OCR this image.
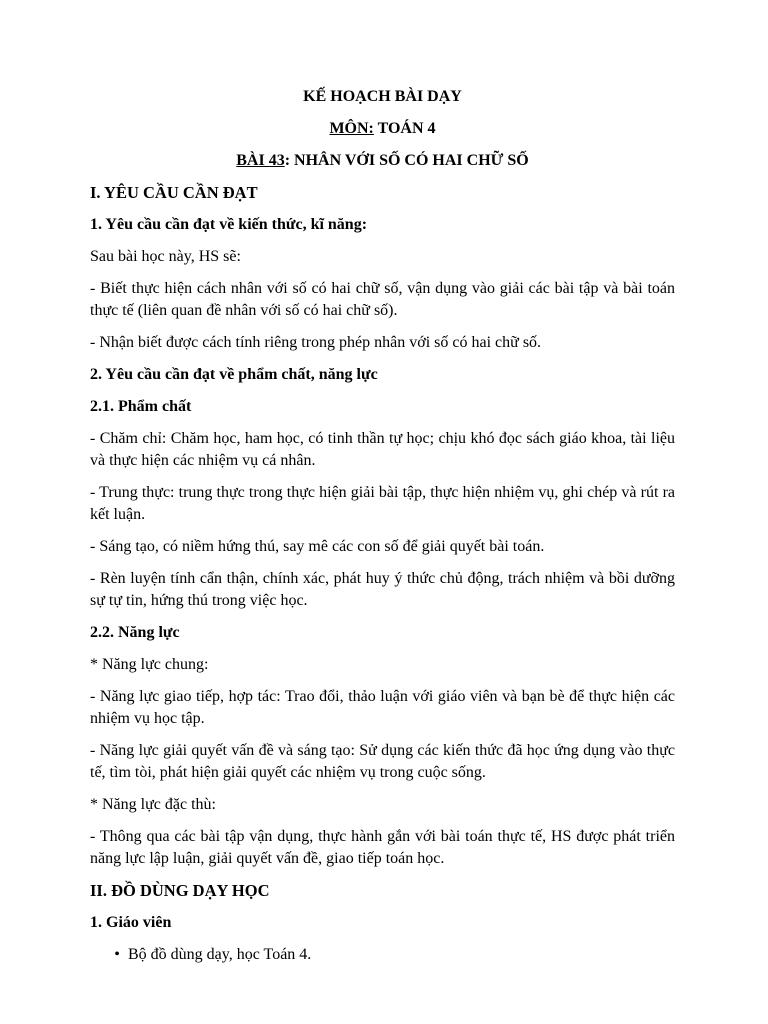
KẾ HOẠCH BÀI DẠY

MÔN: TOÁN 4

BÀI 43: NHÂN VỚI SỐ CÓ HAI CHỮ SỐ

I. YÊU CẦU CẦN ĐẠT

1. Yêu cầu cần đạt về kiến thức, kĩ năng:

Sau bài học này, HS sẽ:

- Biết thực hiện cách nhân với số có hai chữ số, vận dụng vào giải các bài tập và bài toán thực tế (liên quan đề nhân với số có hai chữ số).

- Nhận biết được cách tính riêng trong phép nhân với số có hai chữ số.

2. Yêu cầu cần đạt về phẩm chất, năng lực

2.1. Phẩm chất

- Chăm chỉ: Chăm học, ham học, có tinh thần tự học; chịu khó đọc sách giáo khoa, tài liệu và thực hiện các nhiệm vụ cá nhân.

- Trung thực: trung thực trong thực hiện giải bài tập, thực hiện nhiệm vụ, ghi chép và rút ra kết luận.

- Sáng tạo, có niềm hứng thú, say mê các con số để giải quyết bài toán.

- Rèn luyện tính cẩn thận, chính xác, phát huy ý thức chủ động, trách nhiệm và bồi dưỡng sự tự tin, hứng thú trong việc học.

2.2. Năng lực

* Năng lực chung:

- Năng lực giao tiếp, hợp tác: Trao đổi, thảo luận với giáo viên và bạn bè để thực hiện các nhiệm vụ học tập.

- Năng lực giải quyết vấn đề và sáng tạo: Sử dụng các kiến thức đã học ứng dụng vào thực tế, tìm tòi, phát hiện giải quyết các nhiệm vụ trong cuộc sống.

* Năng lực đặc thù:

- Thông qua các bài tập vận dụng, thực hành gắn với bài toán thực tế, HS được phát triển năng lực lập luận, giải quyết vấn đề, giao tiếp toán học.

II. ĐỒ DÙNG DẠY HỌC

1. Giáo viên

• Bộ đồ dùng dạy, học Toán 4.
